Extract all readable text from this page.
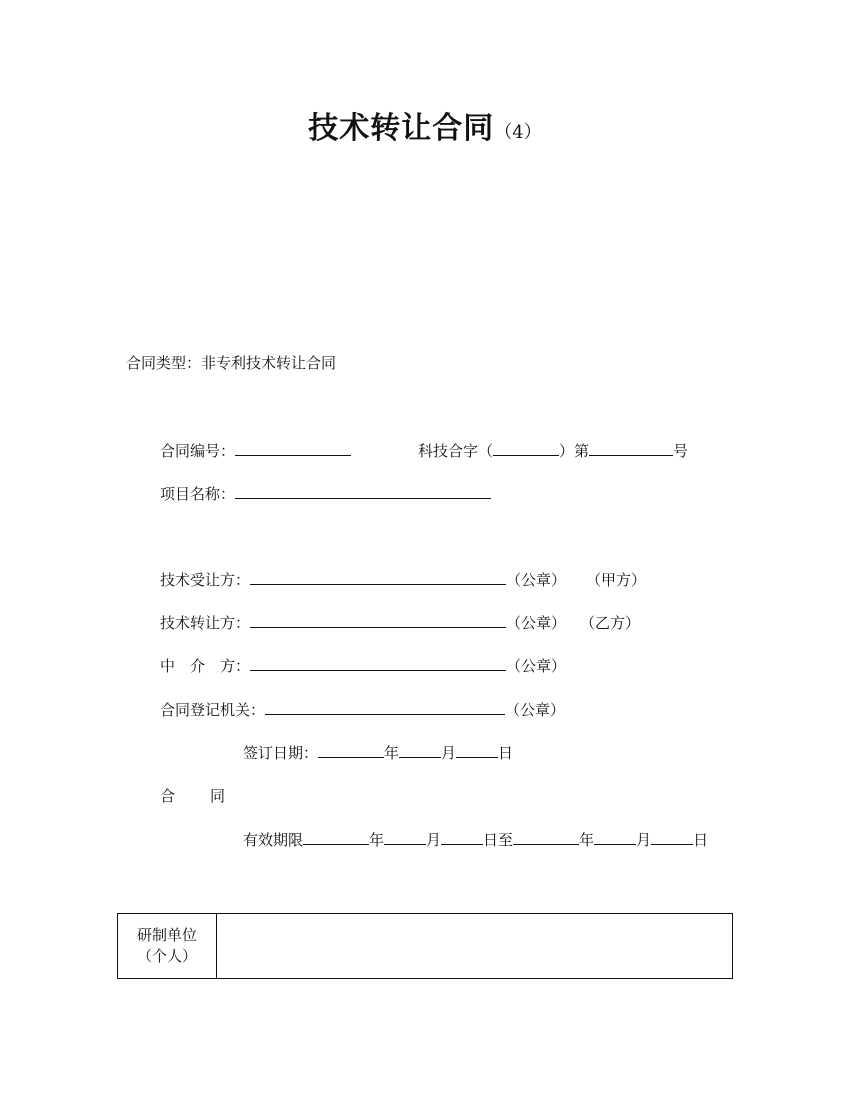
技术转让合同（4）
合同类型：非专利技术转让合同
合同编号：	科技合字（	）第	号
项目名称：
技术受让方：	（公章） （甲方）
技术转让方：	（公章） （乙方）
中　介　方：	（公章）
合同登记机关：	（公章）
签订日期：	年	月	日
合 同
有效期限	年	月	日至	年	月	日
研制单位
（个人）
